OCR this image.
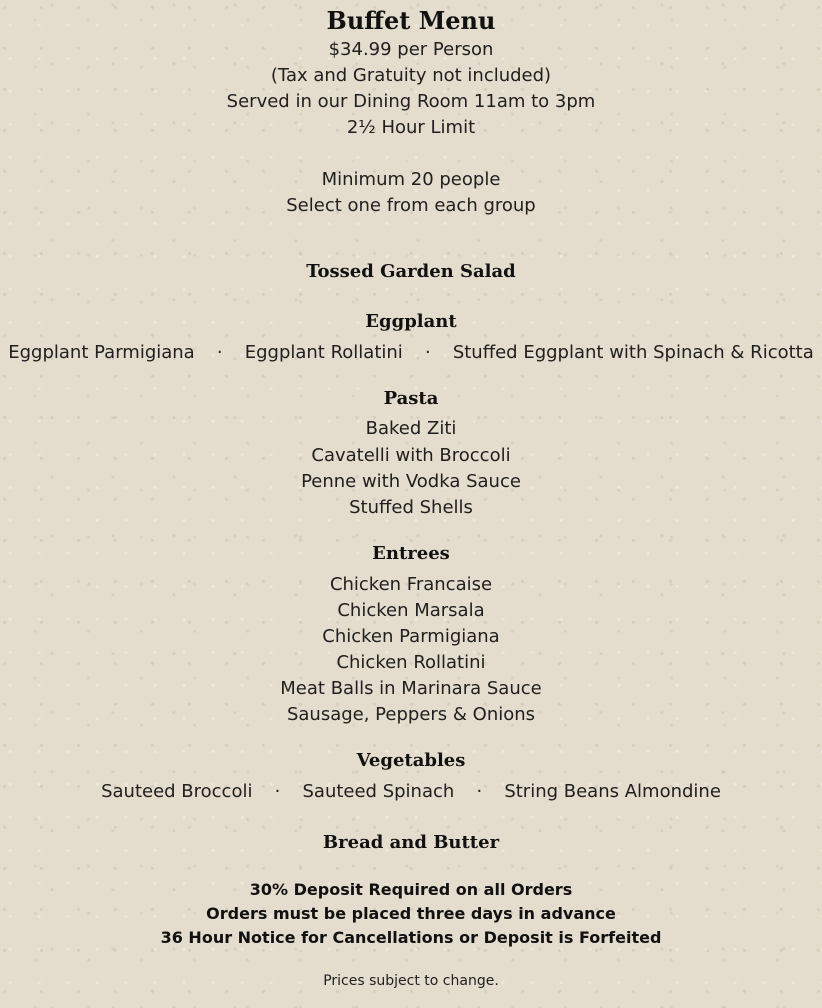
Buffet Menu
$34.99 per Person
(Tax and Gratuity not included)
Served in our Dining Room 11am to 3pm
2½ Hour Limit
Minimum 20 people
Select one from each group
Tossed Garden Salad
Eggplant
Eggplant Parmigiana · Eggplant Rollatini · Stuffed Eggplant with Spinach & Ricotta
Pasta
Baked Ziti
Cavatelli with Broccoli
Penne with Vodka Sauce
Stuffed Shells
Entrees
Chicken Francaise
Chicken Marsala
Chicken Parmigiana
Chicken Rollatini
Meat Balls in Marinara Sauce
Sausage, Peppers & Onions
Vegetables
Sauteed Broccoli · Sauteed Spinach · String Beans Almondine
Bread and Butter
30% Deposit Required on all Orders
Orders must be placed three days in advance
36 Hour Notice for Cancellations or Deposit is Forfeited
Prices subject to change.
